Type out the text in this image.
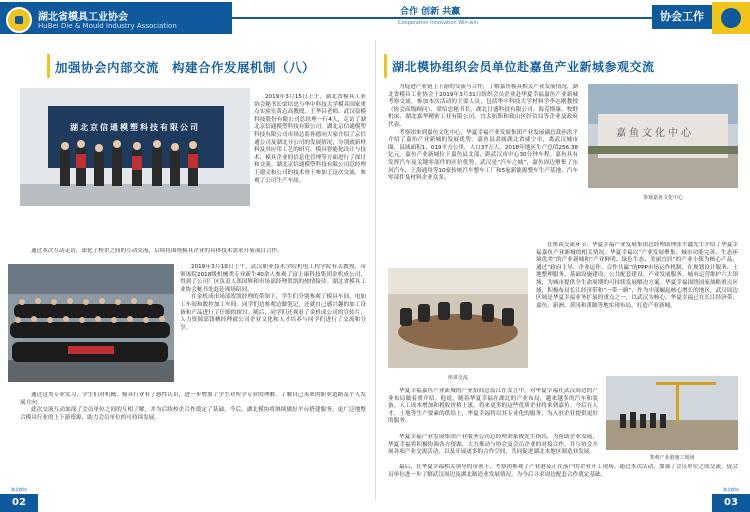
湖北省模具工业协会
HuBei Die & Mould Industry Association
合作 创新 共赢
Cooperation Innovation Win-win	协会工作
加强协会内部交流　构建合作发展机制（八）
湖北京信通模塑科技有限公司

2019年3月15日上午，湖北省模具工业协会秘书长梁培忠与华中科技大学模具国家重点实验室黄志高教授、王华昌老师、武汉益模科技股份有限公司总经理一行4人，走访了湖北京信通模塑科技有限公司。湖北京信通模塑科技有限公司市场总监孙德向大家介绍了京信通公司及湖北分公司的发展情况，分别就新材料及其应用工艺的研究、模具智能化设计与技术、模具企业的信息化管理等方面进行了探讨和交流。湖北京信通模塑科技有限公司总经理王建文和公司的技术骨干参加了这次交流，参观了公司生产车间。

通过本次互动走访，深化了校企之间的互动交流，后续将围绕模具企业的具体技术需求开展项目合作。

2019年3月19日上午，武汉职业技术学院机电工程学院有关教授，带领该院2018级机械类专业新生40余人参观了富士康科技集团金机成公司，得到了公司厂区负责人郑国辉和市场部经理贺凯的热情接待。湖北省模具工业协会秘书处赶赴现场陪同。

在金机成市场部贺凯经理的带领下，学生们分别参观了模具车间，电加工车间和数控加工车间。同学们边参观边做笔记，还就自己感兴趣的加工设备和产品进行了仔细的探讨。随后，同学们还观看了金机成公司的宣传片，人力资源部钱栖经理就公司企业文化和人才培养与同学们进行了交流和分享。

通过这类专业实习，学生们对机械、模具行业有了感性认识，进一步增加了学生对所学专业的理解，了解自己未来的职业道路及个人发展方向。

此次交流互动加深了会员单位之间的互相了解，并为后续校企合作奠定了基础。今后，湖北模协将继续做好平台搭建服务，更广泛地整合模具行业的上下游资源，助力会员单位的可持续发展。

湖北模协组织会员单位赴嘉鱼产业新城参观交流

为促进产业链上下游的交流与合作，了解嘉鱼模具相关产业发展情况，湖北省模具工业协会于2019年3月31日组织会员企业赴华夏幸福嘉鱼产业新城考察交流。参加本次活动的主要人员，包括华中科技大学材料学李志刚教授（协会高级顾问）、梁培忠秘书长，湖北日盛科技有限公司、海克斯康、牧野机床、湖北嘉华精密工业有限公司、宜太拓斯和致山区经信局等企业及政府代表。

考察团来到嘉鱼文化中心，华夏幸福产业发展集团产业发展副总裁孙洪平介绍了嘉鱼产业新城的发展优势。嘉鱼县隶属湖北省咸宁市，离武汉城市圈，县域面积1，019平方公里，人口37万人，2018年地区生产总值256.38亿元。嘉鱼产业新城位于嘉鱼县北部，距武汉市中心30分钟车程。嘉鱼具有发挥汽车及关键零部件的区位优势，武汉是“汽车之城”，嘉鱼周边聚集了东风汽车、上海通用等10家传统汽车整车工厂和5家新能源整车生产基地、汽车零部件及材料企业众多。

嘉鱼文化中心
参观嘉鱼文化中心
座谈交流

在座谈交流环节，华夏幸福产业发展集团总经理助理张平鑫先生介绍了华夏幸福嘉鱼产业新城的相关情况，华夏幸福以“产业发展聚集、城市功能完善、生态环境优美”的产业新城和“产业鲜明、绿色生态、美丽宜居”的产业小镇为核心产品，通过“政府主导、企业运作、合作共赢”的PPP市场运作机制，在规划设计服务、土地整理服务、基础设施建设、公共配套建设、产业发展服务、城市运营维护六大领域，为城市提供全生命周期的可持续发展解决方案。华夏幸福围绕国家战略重点区域，积极布局长江经济带和“一带一路”，作为中部崛起核心增长的地区，武汉周边区域是华夏幸福业务扩展的重点之一，以武汉为核心，华夏幸福已在长江经济带、嘉鱼、新洲、黄冈和黄陂等地实现布局，打造产业新城。

华夏幸福嘉鱼产业新城的产业招商总监江在发言中，对华夏幸福在武汉周边的产业布局做着重介绍。他说，随着华夏幸福在湖北的产业布局，越来越多的汽车和装备、人工成本增加和税收价格上涨，将来更多的这些优质企业将来到嘉鱼。今后在人才、土地等生产要素的供给上，华夏幸福将以其专业化的服务，为入驻企业提供更好的服务。

参观产业港施工现场

华夏幸福产业发展集团产业服务公司总经理刘家俊先生指出，为帮助企业发展，华夏幸福将积极协调各方资源，大力推动与协会及会员企业的对接合作，并与协会开展各项产业交流活动，以及开展更多的合作空间，共同促进湖北本地区制造业发展。

最后，在华夏幸福相关领导的带领下，考察团参观了产业港及正在落户的企业开工现场。通过本次活动，加强了会员单位之间交流，促会员单位进一步了解武汉周边及湖北制造业发展情况，为今后寻求周边配套合作奠定基础。

湖北模协
02
湖北模协
03
